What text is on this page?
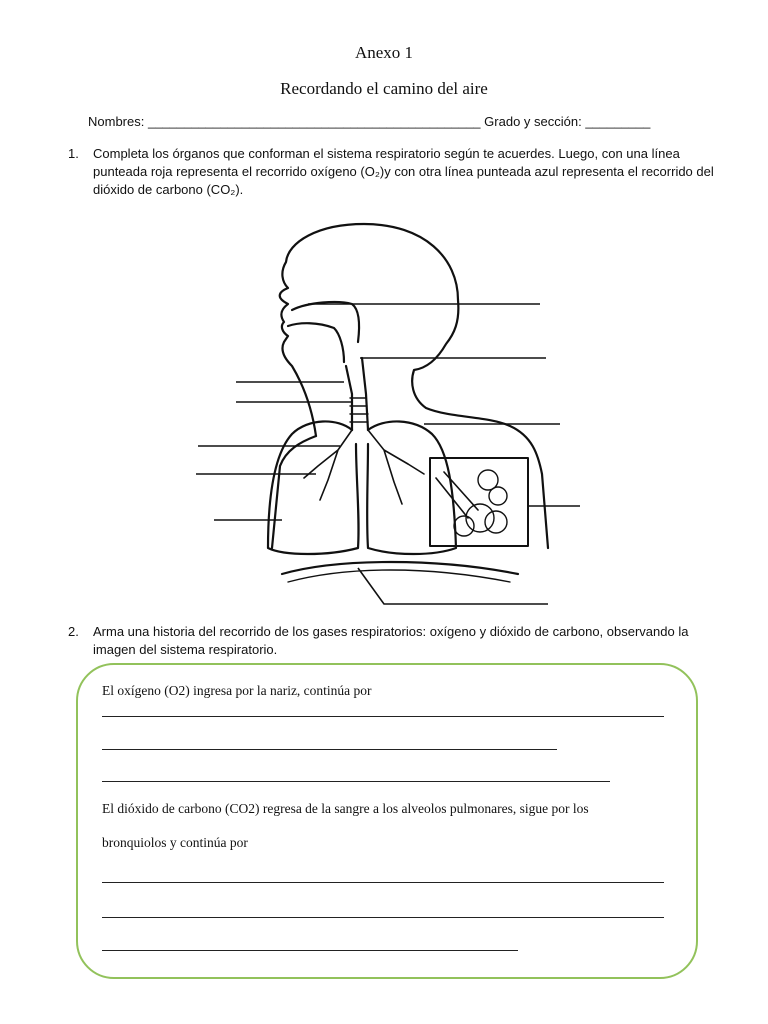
Anexo 1
Recordando el camino del aire
Nombres: ______________________________________________ Grado y sección: _________
1. Completa los órganos que conforman el sistema respiratorio según te acuerdes. Luego, con una línea punteada roja representa el recorrido oxígeno (O₂)y con otra línea punteada azul representa el recorrido del dióxido de carbono (CO₂).
2. Arma una historia del recorrido de los gases respiratorios: oxígeno y dióxido de carbono, observando la imagen del sistema respiratorio.
El oxígeno (O2) ingresa por la nariz, continúa por
El dióxido de carbono (CO2) regresa de la sangre a los alveolos pulmonares, sigue por los
bronquiolos y continúa por
